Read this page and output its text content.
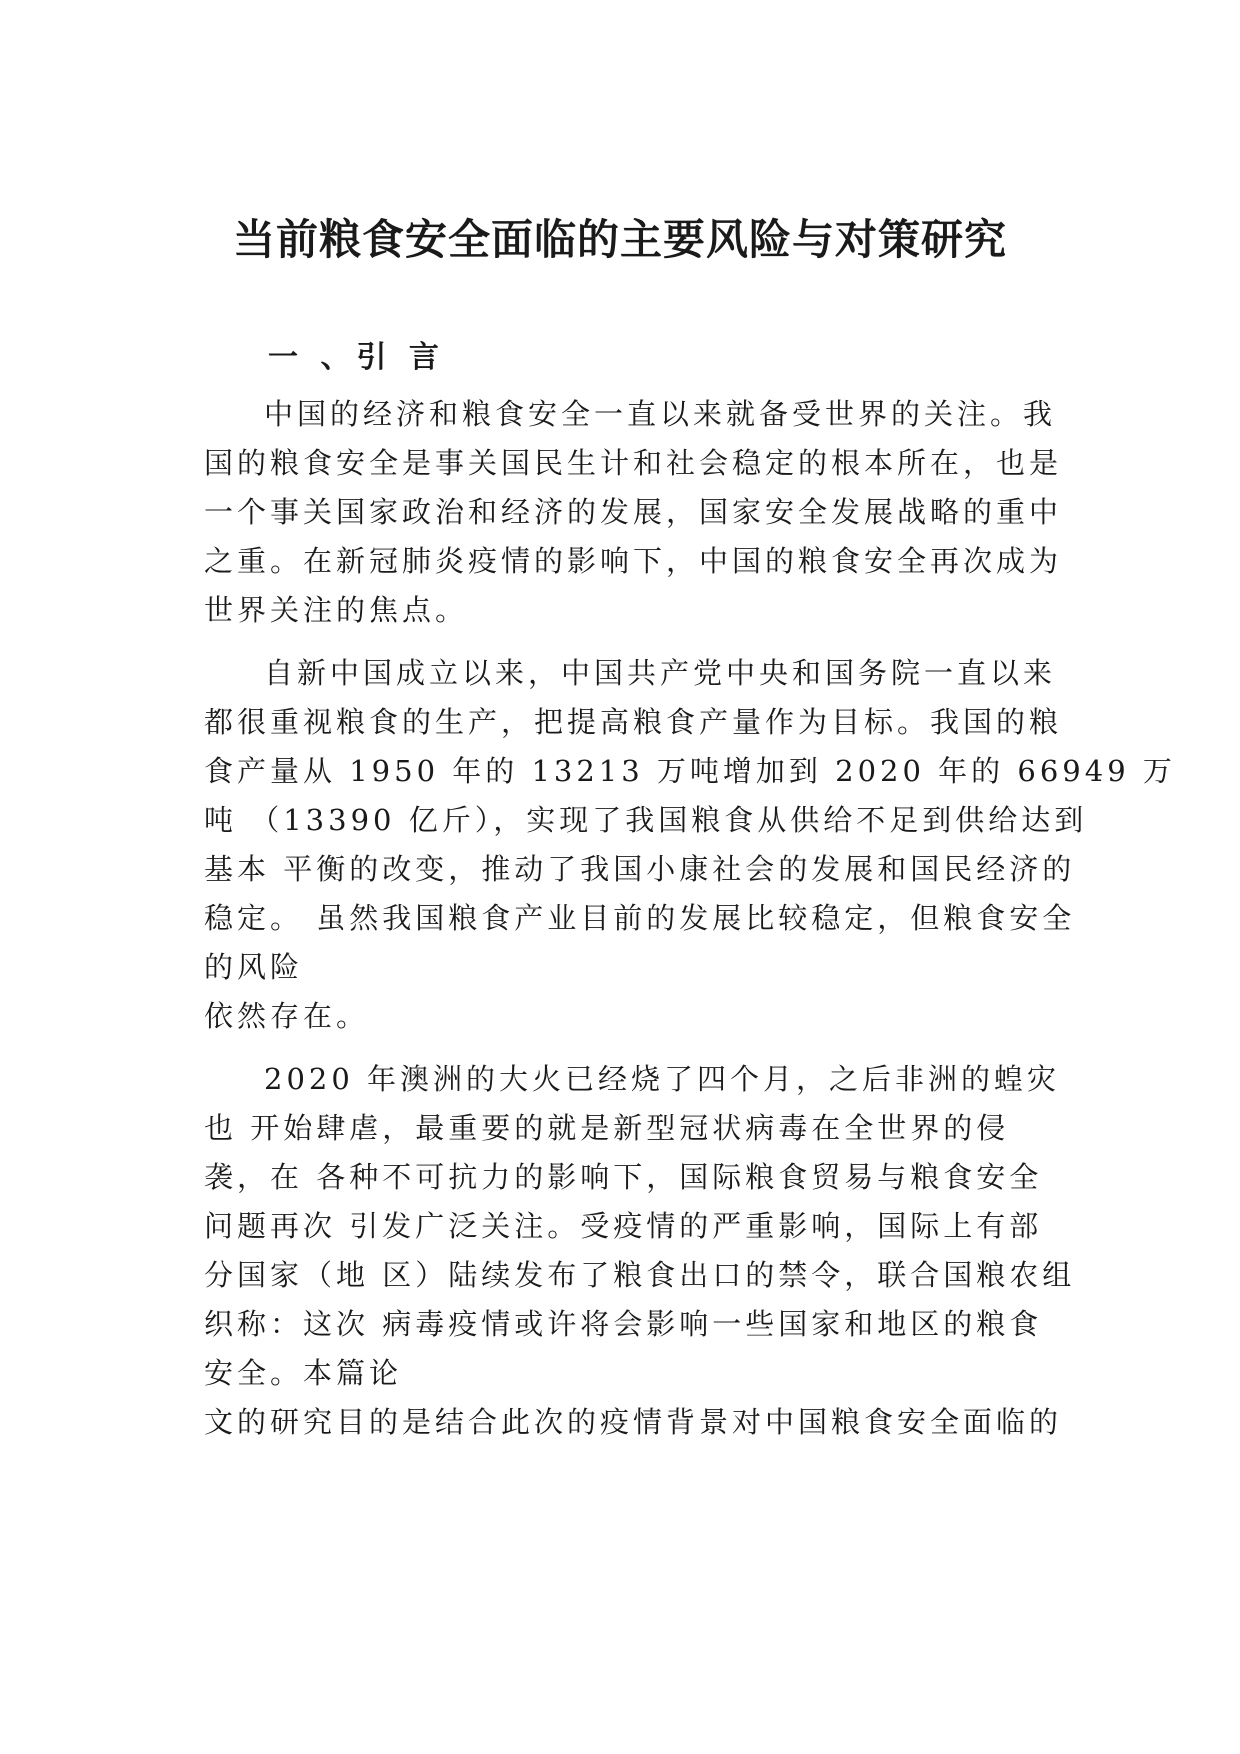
当前粮食安全面临的主要风险与对策研究
一 、引 言
中国的经济和粮食安全一直以来就备受世界的关注。我
国的粮食安全是事关国民生计和社会稳定的根本所在，也是
一个事关国家政治和经济的发展，国家安全发展战略的重中
之重。在新冠肺炎疫情的影响下，中国的粮食安全再次成为
世界关注的焦点。
自新中国成立以来，中国共产党中央和国务院一直以来
都很重视粮食的生产，把提高粮食产量作为目标。我国的粮
食产量从 1950 年的 13213 万吨增加到 2020 年的 66949 万
吨 （13390 亿斤），实现了我国粮食从供给不足到供给达到
基本 平衡的改变，推动了我国小康社会的发展和国民经济的
稳定。 虽然我国粮食产业目前的发展比较稳定，但粮食安全
的风险
依然存在。
2020 年澳洲的大火已经烧了四个月，之后非洲的蝗灾
也 开始肆虐，最重要的就是新型冠状病毒在全世界的侵
袭，在 各种不可抗力的影响下，国际粮食贸易与粮食安全
问题再次 引发广泛关注。受疫情的严重影响，国际上有部
分国家（地 区）陆续发布了粮食出口的禁令，联合国粮农组
织称：这次 病毒疫情或许将会影响一些国家和地区的粮食
安全。本篇论
文的研究目的是结合此次的疫情背景对中国粮食安全面临的
